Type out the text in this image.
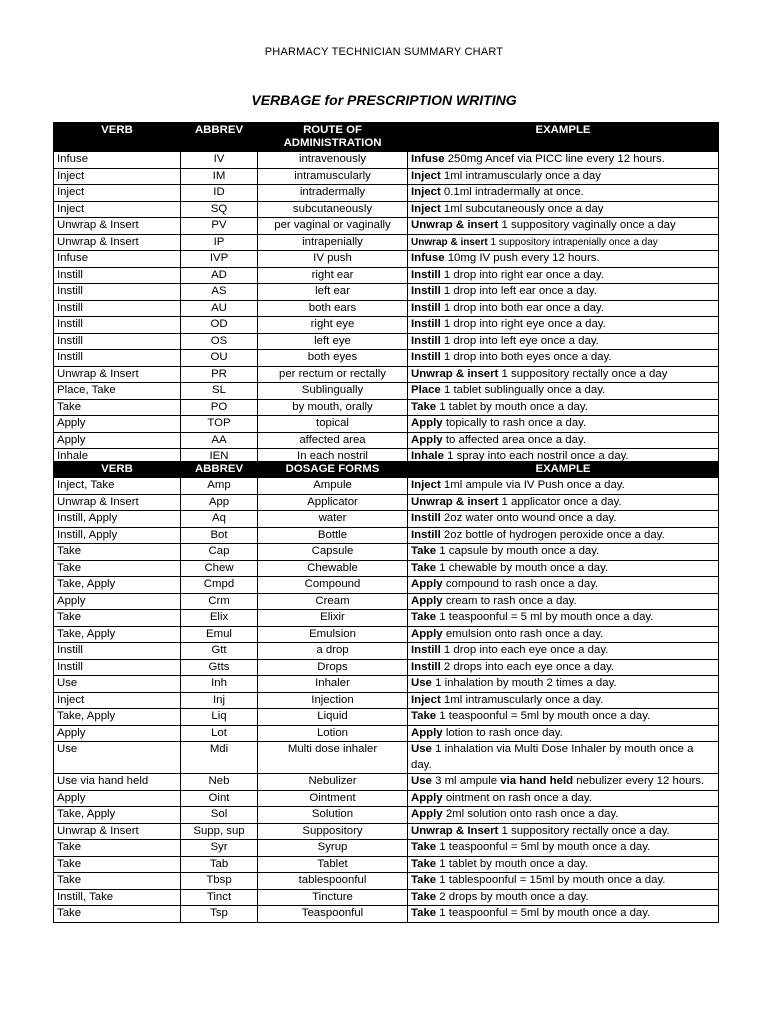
PHARMACY TECHNICIAN SUMMARY CHART
VERBAGE for PRESCRIPTION WRITING
VERB	ABBREV	ROUTE OF ADMINISTRATION	EXAMPLE
Infuse	IV	intravenously	Infuse 250mg Ancef via PICC line every 12 hours.
Inject	IM	intramuscularly	Inject 1ml intramuscularly once a day
Inject	ID	intradermally	Inject 0.1ml intradermally at once.
Inject	SQ	subcutaneously	Inject 1ml subcutaneously once a day
Unwrap & Insert	PV	per vaginal or vaginally	Unwrap & insert 1 suppository vaginally once a day
Unwrap & Insert	IP	intrapenially	Unwrap & insert 1 suppository intrapenially once a day
Infuse	IVP	IV push	Infuse 10mg IV push every 12 hours.
Instill	AD	right ear	Instill 1 drop into right ear once a day.
Instill	AS	left ear	Instill 1 drop into left ear once a day.
Instill	AU	both ears	Instill 1 drop into both ear once a day.
Instill	OD	right eye	Instill 1 drop into right eye once a day.
Instill	OS	left eye	Instill 1 drop into left eye once a day.
Instill	OU	both eyes	Instill 1 drop into both eyes once a day.
Unwrap & Insert	PR	per rectum or rectally	Unwrap & insert 1 suppository rectally once a day
Place, Take	SL	Sublingually	Place 1 tablet sublingually once a day.
Take	PO	by mouth, orally	Take 1 tablet by mouth once a day.
Apply	TOP	topical	Apply topically to rash once a day.
Apply	AA	affected area	Apply to affected area once a day.
Inhale	IEN	In each nostril	Inhale 1 spray into each nostril once a day.
VERB	ABBREV	DOSAGE FORMS	EXAMPLE
Inject, Take	Amp	Ampule	Inject 1ml ampule via IV Push once a day.
Unwrap & Insert	App	Applicator	Unwrap & insert 1 applicator once a day.
Instill, Apply	Aq	water	Instill 2oz water onto wound once a day.
Instill, Apply	Bot	Bottle	Instill 2oz bottle of hydrogen peroxide once a day.
Take	Cap	Capsule	Take 1 capsule by mouth once a day.
Take	Chew	Chewable	Take 1 chewable by mouth once a day.
Take, Apply	Cmpd	Compound	Apply compound to rash once a day.
Apply	Crm	Cream	Apply cream to rash once a day.
Take	Elix	Elixir	Take 1 teaspoonful = 5 ml by mouth once a day.
Take, Apply	Emul	Emulsion	Apply emulsion onto rash once a day.
Instill	Gtt	a drop	Instill 1 drop into each eye once a day.
Instill	Gtts	Drops	Instill 2 drops into each eye once a day.
Use	Inh	Inhaler	Use 1 inhalation by mouth 2 times a day.
Inject	Inj	Injection	Inject 1ml intramuscularly once a day.
Take, Apply	Liq	Liquid	Take 1 teaspoonful = 5ml by mouth once a day.
Apply	Lot	Lotion	Apply lotion to rash once day.
Use	Mdi	Multi dose inhaler	Use 1 inhalation via Multi Dose Inhaler by mouth once a day.
Use via hand held	Neb	Nebulizer	Use 3 ml ampule via hand held nebulizer every 12 hours.
Apply	Oint	Ointment	Apply ointment on rash once a day.
Take, Apply	Sol	Solution	Apply 2ml solution onto rash once a day.
Unwrap & Insert	Supp, sup	Suppository	Unwrap & Insert 1 suppository rectally once a day.
Take	Syr	Syrup	Take 1 teaspoonful = 5ml by mouth once a day.
Take	Tab	Tablet	Take 1 tablet by mouth once a day.
Take	Tbsp	tablespoonful	Take 1 tablespoonful = 15ml by mouth once a day.
Instill, Take	Tinct	Tincture	Take 2 drops by mouth once a day.
Take	Tsp	Teaspoonful	Take 1 teaspoonful = 5ml by mouth once a day.
